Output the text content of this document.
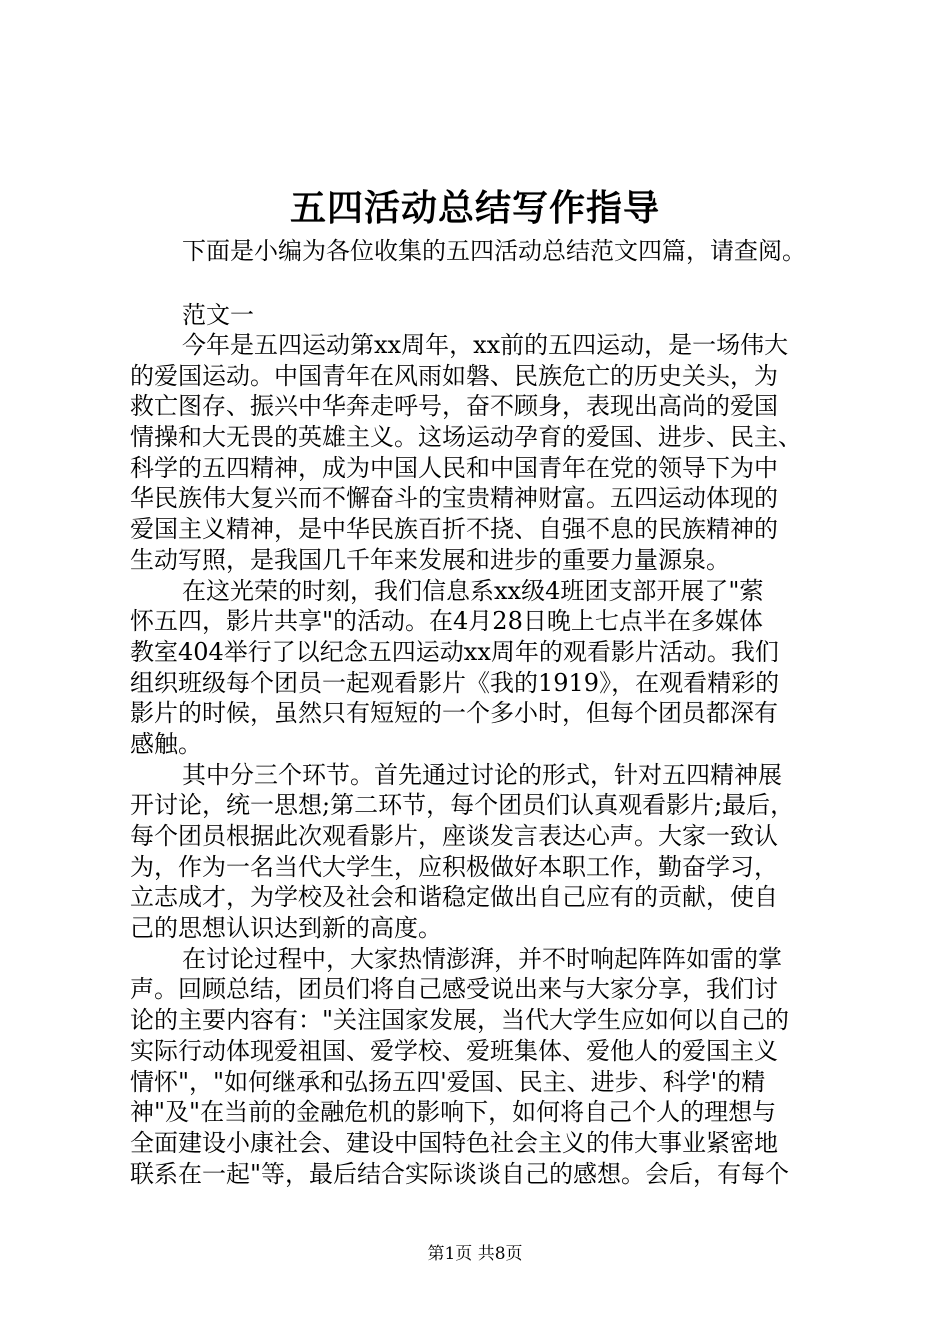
五四活动总结写作指导
下面是小编为各位收集的五四活动总结范文四篇，请查阅。
范文一
今年是五四运动第xx周年，xx前的五四运动，是一场伟大
的爱国运动。中国青年在风雨如磐、民族危亡的历史关头，为
救亡图存、振兴中华奔走呼号，奋不顾身，表现出高尚的爱国
情操和大无畏的英雄主义。这场运动孕育的爱国、进步、民主、
科学的五四精神，成为中国人民和中国青年在党的领导下为中
华民族伟大复兴而不懈奋斗的宝贵精神财富。五四运动体现的
爱国主义精神，是中华民族百折不挠、自强不息的民族精神的
生动写照，是我国几千年来发展和进步的重要力量源泉。
在这光荣的时刻，我们信息系xx级4班团支部开展了"萦
怀五四，影片共享"的活动。在4月28日晚上七点半在多媒体
教室404举行了以纪念五四运动xx周年的观看影片活动。我们
组织班级每个团员一起观看影片《我的1919》，在观看精彩的
影片的时候，虽然只有短短的一个多小时，但每个团员都深有
感触。
其中分三个环节。首先通过讨论的形式，针对五四精神展
开讨论，统一思想;第二环节，每个团员们认真观看影片;最后，
每个团员根据此次观看影片，座谈发言表达心声。大家一致认
为，作为一名当代大学生，应积极做好本职工作，勤奋学习，
立志成才，为学校及社会和谐稳定做出自己应有的贡献，使自
己的思想认识达到新的高度。
在讨论过程中，大家热情澎湃，并不时响起阵阵如雷的掌
声。回顾总结，团员们将自己感受说出来与大家分享，我们讨
论的主要内容有："关注国家发展，当代大学生应如何以自己的
实际行动体现爱祖国、爱学校、爱班集体、爱他人的爱国主义
情怀"，"如何继承和弘扬五四'爱国、民主、进步、科学'的精
神"及"在当前的金融危机的影响下，如何将自己个人的理想与
全面建设小康社会、建设中国特色社会主义的伟大事业紧密地
联系在一起"等，最后结合实际谈谈自己的感想。会后，有每个
第1页 共8页
